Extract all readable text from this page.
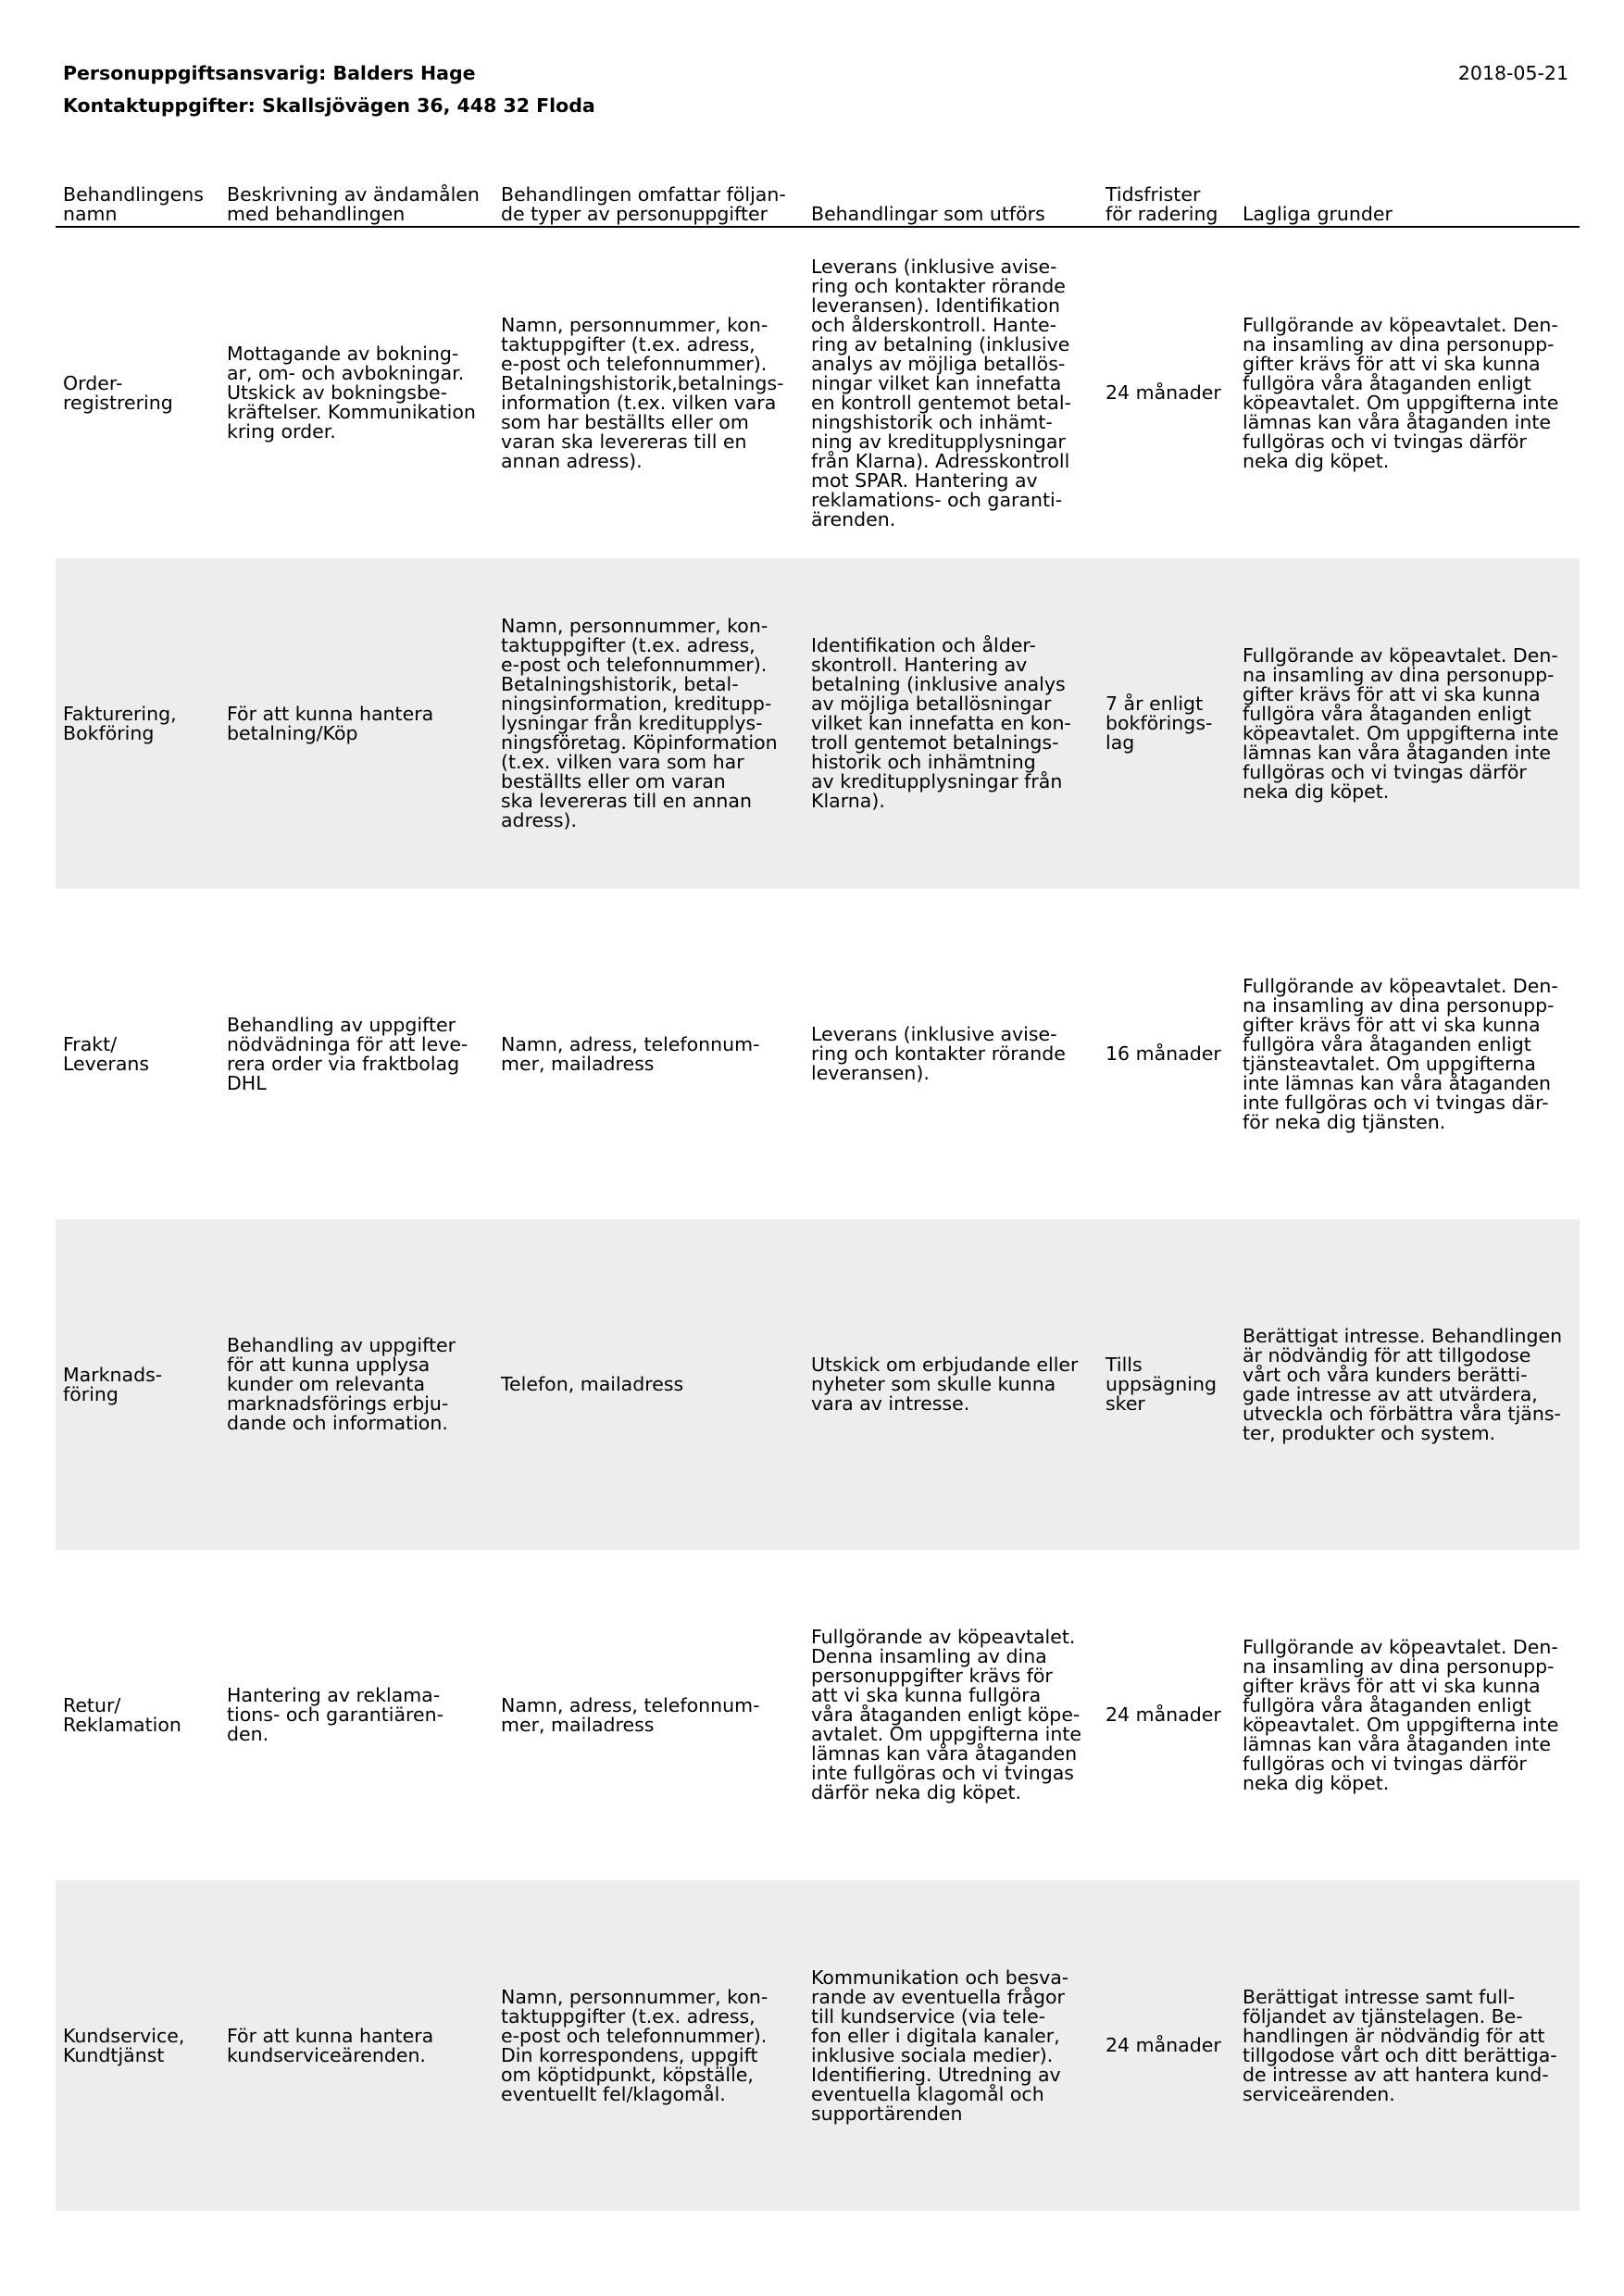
Personuppgiftsansvarig: Balders Hage
Kontaktuppgifter: Skallsjövägen 36, 448 32 Floda
2018-05-21
Behandlingens
namn
Beskrivning av ändamålen
med behandlingen
Behandlingen omfattar följan-
de typer av personuppgifter	Behandlingar som utförs
Tidsfrister
för radering	Lagliga grunder
Order-
registrering
Mottagande av bokning-
ar, om- och avbokningar.
Utskick av bokningsbe-
kräftelser. Kommunikation
kring order.
Namn, personnummer, kon-
taktuppgifter (t.ex. adress,
e-post och telefonnummer).
Betalningshistorik,betalnings-
information (t.ex. vilken vara
som har beställts eller om
varan ska levereras till en
annan adress).
Leverans (inklusive avise-
ring och kontakter rörande
leveransen). Identifikation
och ålderskontroll. Hante-
ring av betalning (inklusive
analys av möjliga betallös-
ningar vilket kan innefatta
en kontroll gentemot betal-
ningshistorik och inhämt-
ning av kreditupplysningar
från Klarna). Adresskontroll
mot SPAR. Hantering av
reklamations- och garanti-
ärenden.
24 månader
Fullgörande av köpeavtalet. Den-
na insamling av dina personupp-
gifter krävs för att vi ska kunna
fullgöra våra åtaganden enligt
köpeavtalet. Om uppgifterna inte
lämnas kan våra åtaganden inte
fullgöras och vi tvingas därför
neka dig köpet.
Fakturering,
Bokföring
För att kunna hantera
betalning/Köp
Namn, personnummer, kon-
taktuppgifter (t.ex. adress,
e-post och telefonnummer).
Betalningshistorik, betal-
ningsinformation, kreditupp-
lysningar från kreditupplys-
ningsföretag. Köpinformation
(t.ex. vilken vara som har
beställts eller om varan
ska levereras till en annan
adress).
Identifikation och ålder-
skontroll. Hantering av
betalning (inklusive analys
av möjliga betallösningar
vilket kan innefatta en kon-
troll gentemot betalnings-
historik och inhämtning
av kreditupplysningar från
Klarna).
7 år enligt
bokförings-
lag
Fullgörande av köpeavtalet. Den-
na insamling av dina personupp-
gifter krävs för att vi ska kunna
fullgöra våra åtaganden enligt
köpeavtalet. Om uppgifterna inte
lämnas kan våra åtaganden inte
fullgöras och vi tvingas därför
neka dig köpet.
Frakt/
Leverans
Behandling av uppgifter
nödvädninga för att leve-
rera order via fraktbolag
DHL
Namn, adress, telefonnum-
mer, mailadress
Leverans (inklusive avise-
ring och kontakter rörande
leveransen).
16 månader
Fullgörande av köpeavtalet. Den-
na insamling av dina personupp-
gifter krävs för att vi ska kunna
fullgöra våra åtaganden enligt
tjänsteavtalet. Om uppgifterna
inte lämnas kan våra åtaganden
inte fullgöras och vi tvingas där-
för neka dig tjänsten.
Marknads-
föring
Behandling av uppgifter
för att kunna upplysa
kunder om relevanta
marknadsförings erbju-
dande och information.
Telefon, mailadress
Utskick om erbjudande eller
nyheter som skulle kunna
vara av intresse.
Tills
uppsägning
sker
Berättigat intresse. Behandlingen
är nödvändig för att tillgodose
vårt och våra kunders berätti-
gade intresse av att utvärdera,
utveckla och förbättra våra tjäns-
ter, produkter och system.
Retur/
Reklamation
Hantering av reklama-
tions- och garantiären-
den.
Namn, adress, telefonnum-
mer, mailadress
Fullgörande av köpeavtalet.
Denna insamling av dina
personuppgifter krävs för
att vi ska kunna fullgöra
våra åtaganden enligt köpe-
avtalet. Om uppgifterna inte
lämnas kan våra åtaganden
inte fullgöras och vi tvingas
därför neka dig köpet.
24 månader
Fullgörande av köpeavtalet. Den-
na insamling av dina personupp-
gifter krävs för att vi ska kunna
fullgöra våra åtaganden enligt
köpeavtalet. Om uppgifterna inte
lämnas kan våra åtaganden inte
fullgöras och vi tvingas därför
neka dig köpet.
Kundservice,
Kundtjänst
För att kunna hantera
kundserviceärenden.
Namn, personnummer, kon-
taktuppgifter (t.ex. adress,
e-post och telefonnummer).
Din korrespondens, uppgift
om köptidpunkt, köpställe,
eventuellt fel/klagomål.
Kommunikation och besva-
rande av eventuella frågor
till kundservice (via tele-
fon eller i digitala kanaler,
inklusive sociala medier).
Identifiering. Utredning av
eventuella klagomål och
supportärenden
24 månader
Berättigat intresse samt full-
följandet av tjänstelagen. Be-
handlingen är nödvändig för att
tillgodose vårt och ditt berättiga-
de intresse av att hantera kund-
serviceärenden.
